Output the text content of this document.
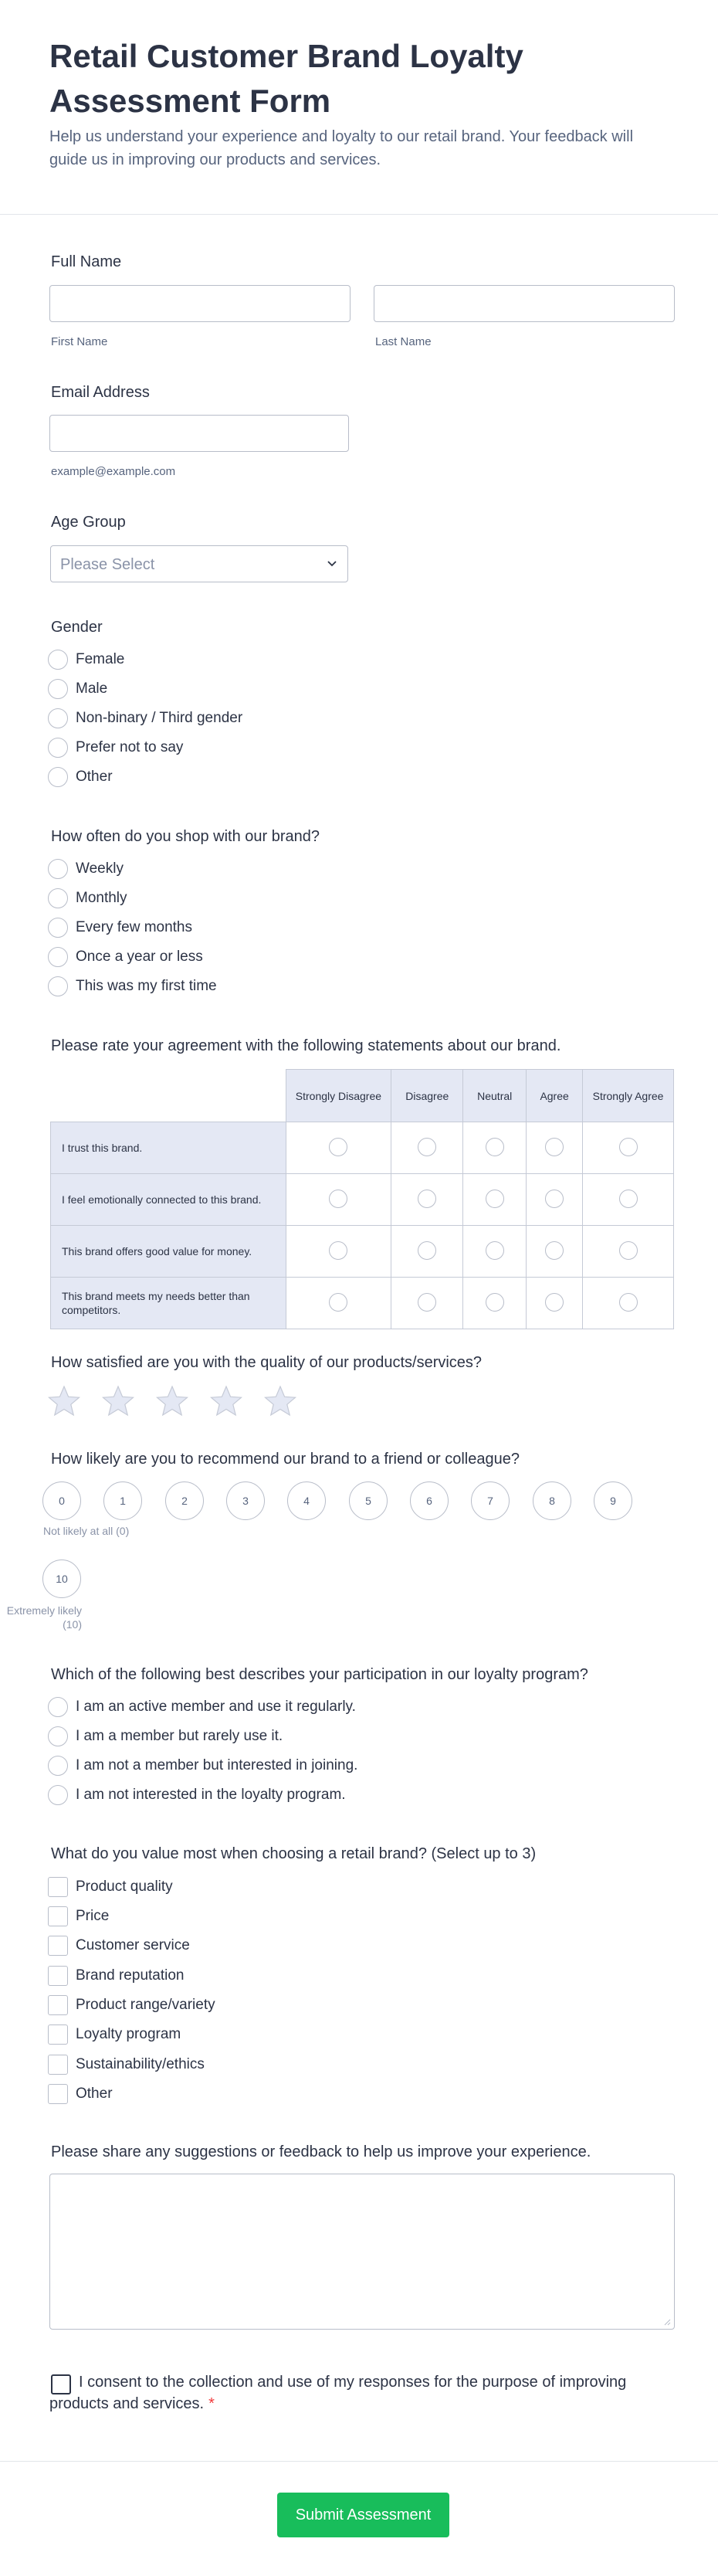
Retail Customer Brand Loyalty Assessment Form
Help us understand your experience and loyalty to our retail brand. Your feedback will guide us in improving our products and services.
Full Name
First Name	Last Name
Email Address
example@example.com
Age Group
Please Select
Gender
Female
Male
Non-binary / Third gender
Prefer not to say
Other
How often do you shop with our brand?
Weekly
Monthly
Every few months
Once a year or less
This was my first time
Please rate your agreement with the following statements about our brand.
	Strongly Disagree	Disagree	Neutral	Agree	Strongly Agree
I trust this brand.					
I feel emotionally connected to this brand.					
This brand offers good value for money.					
This brand meets my needs better than competitors.					
How satisfied are you with the quality of our products/services?
How likely are you to recommend our brand to a friend or colleague?
0	1	2	3	4	5	6	7	8	9
Not likely at all (0)
10
Extremely likely (10)
Which of the following best describes your participation in our loyalty program?
I am an active member and use it regularly.
I am a member but rarely use it.
I am not a member but interested in joining.
I am not interested in the loyalty program.
What do you value most when choosing a retail brand? (Select up to 3)
Product quality
Price
Customer service
Brand reputation
Product range/variety
Loyalty program
Sustainability/ethics
Other
Please share any suggestions or feedback to help us improve your experience.
I consent to the collection and use of my responses for the purpose of improving products and services. *
Submit Assessment
